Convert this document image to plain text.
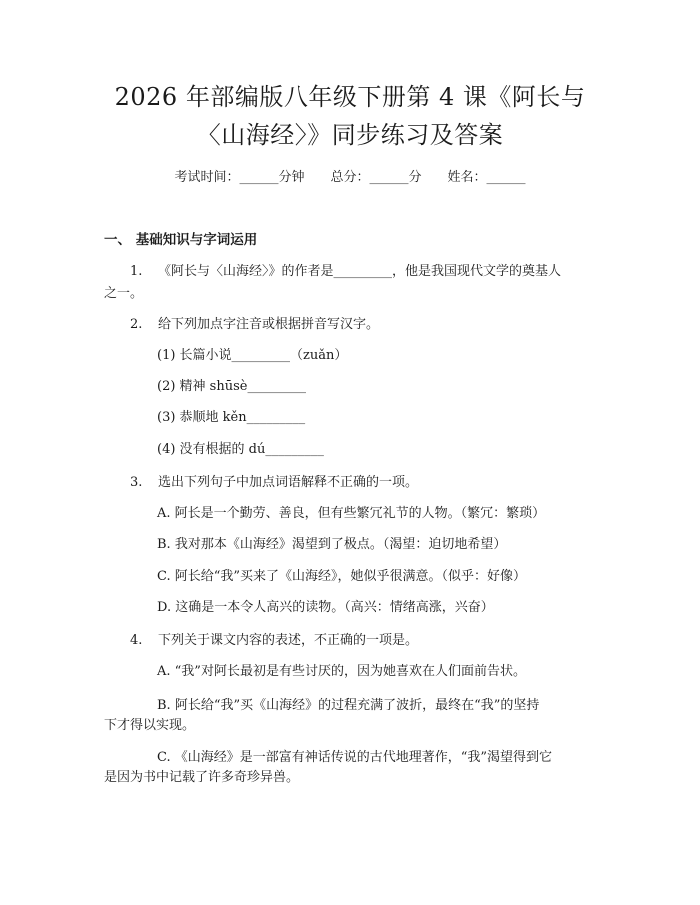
2026 年部编版八年级下册第 4 课《阿长与
〈山海经〉》同步练习及答案
考试时间：______分钟 总分：______分 姓名：______
一、 基础知识与字词运用
1. 《阿长与〈山海经〉》的作者是_________，他是我国现代文学的奠基人
之一。
2. 给下列加点字注音或根据拼音写汉字。
(1) 长篇小说_________（zuǎn）
(2) 精神 shūsè_________
(3) 恭顺地 kěn_________
(4) 没有根据的 dú_________
3. 选出下列句子中加点词语解释不正确的一项。
A. 阿长是一个勤劳、善良，但有些繁冗礼节的人物。（繁冗：繁琐）
B. 我对那本《山海经》渴望到了极点。（渴望：迫切地希望）
C. 阿长给“我”买来了《山海经》，她似乎很满意。（似乎：好像）
D. 这确是一本令人高兴的读物。（高兴：情绪高涨，兴奋）
4. 下列关于课文内容的表述，不正确的一项是。
A. “我”对阿长最初是有些讨厌的，因为她喜欢在人们面前告状。
B. 阿长给“我”买《山海经》的过程充满了波折，最终在“我”的坚持
下才得以实现。
C. 《山海经》是一部富有神话传说的古代地理著作，“我”渴望得到它
是因为书中记载了许多奇珍异兽。
